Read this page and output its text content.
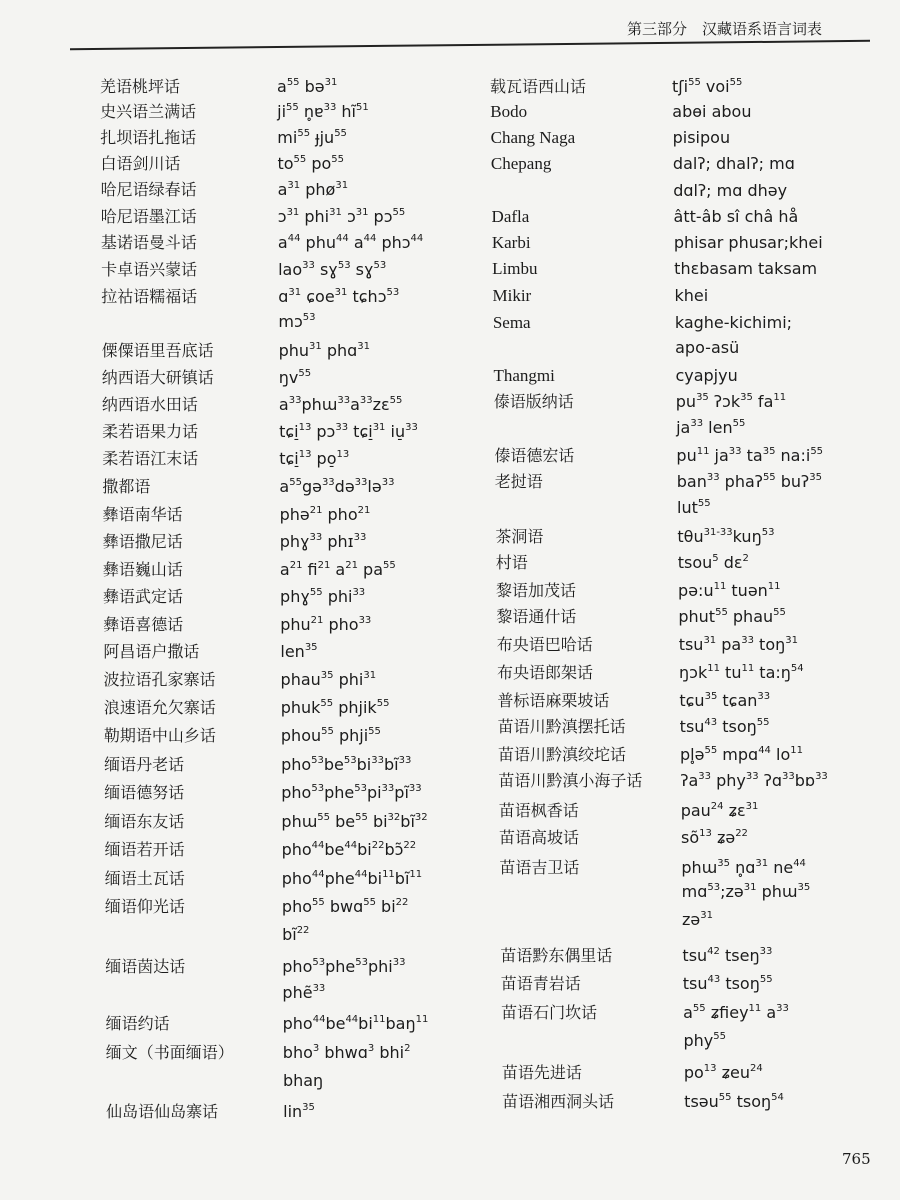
第三部分　汉藏语系语言词表
羌语桃坪话	$a^{55}$ bə$^{31}$
史兴语兰满话	$ji^{55}$ n̥ɐ$^{33}$ $hĩ^{51}$
扎坝语扎拖话	$mi^{55}$ ɟju$^{55}$
白语剑川话	$to^{55}$ $po^{55}$
哈尼语绿春话	$a^{31}$ phø$^{31}$
哈尼语墨江话	ɔ$^{31}$ phi$^{31}$ ɔ$^{31}$ pɔ$^{55}$
基诺语曼斗话	$a^{44}$ phu$^{44}$ $a^{44}$ phɔ$^{44}$
卡卓语兴蒙话	lao$^{33}$ sɣ$^{53}$ sɣ$^{53}$
拉祜语糯福话	ɑ$^{31}$ ɕoe$^{31}$ tɕhɔ$^{53}$
mɔ$^{53}$
傈僳语里吾底话	phu$^{31}$ phɑ$^{31}$
纳西语大研镇话	$ŋv^{55}$
纳西语水田话	$a^{33}phɯ^{33}a^{33}zɛ^{55}$
柔若语果力话	tɕi̠$^{13}$ pɔ$^{33}$ tɕi̠$^{31}$ iu̠$^{33}$
柔若语江末话	tɕi̠$^{13}$ po̠$^{13}$
撒都语	$a^{55}gə^{33}də^{33}lə^{33}$
彝语南华话	phə$^{21}$ pho$^{21}$
彝语撒尼话	phɣ$^{33}$ phɪ$^{33}$
彝语巍山话	$a^{21}$ $fi^{21}$ $a^{21}$ $pa^{55}$
彝语武定话	phɣ$^{55}$ phi$^{33}$
彝语喜德话	phu$^{21}$ pho$^{33}$
阿昌语户撒话	len$^{35}$
波拉语孔家寨话	phau$^{35}$ phi$^{31}$
浪速语允欠寨话	phuk$^{55}$ phjik$^{55}$
勒期语中山乡话	phou$^{55}$ phji$^{55}$
缅语丹老话	$pho^{53}be^{53}bi^{33}bĩ^{33}$
缅语德努话	$pho^{53}phe^{53}pi^{33}pĩ^{33}$
缅语东友话	phɯ$^{55}$ $be^{55}$ $bi^{32}bĩ^{32}$
缅语若开话	$pho^{44}be^{44}bi^{22}bɔ̃^{22}$
缅语土瓦话	$pho^{44}phe^{44}bi^{11}bĩ^{11}$
缅语仰光话	pho$^{55}$ bwɑ$^{55}$ $bi^{22}$
$bĩ^{22}$
缅语茵达话	pho$^{53}$phe$^{53}$phi$^{33}$
phẽ$^{33}$
缅语约话	$pho^{44}be^{44}bi^{11}baŋ^{11}$
缅文（书面缅语）	bho$^3$ bhwɑ$^3$ bhi$^2$
bhaŋ
仙岛语仙岛寨话	lin$^{35}$
载瓦语西山话	tʃi$^{55}$ voi$^{55}$
Bodo	abɵi abou
Chang Naga	pisipou
Chepang	dalʔ; dhalʔ; mɑ
dɑlʔ; mɑ dhəy
Dafla	âtt-âb sî châ hå
Karbi	phisar phusar;khei
Limbu	thɛbasam taksam
Mikir	khei
Sema	kaghe-kichimi;
apo-asü
Thangmi	cyapjyu
傣语版纳话	$pu^{35}$ ʔɔk$^{35}$ $fa^{11}$
$ja^{33}$ len$^{55}$
傣语德宏话	$pu^{11}$ $ja^{33}$ $ta^{35}$ $na:i^{55}$
老挝语	ban$^{33}$ phaʔ$^{55}$ buʔ$^{35}$
lut$^{55}$
茶洞语	tθu$^{31-33}$kuŋ$^{53}$
村语	tsou$^5$ dɛ$^2$
黎语加茂话	$pə:u^{11}$ tuən$^{11}$
黎语通什话	phut$^{55}$ phau$^{55}$
布央语巴哈话	tsu$^{31}$ $pa^{33}$ toŋ$^{31}$
布央语郎架话	ŋɔk$^{11}$ $tu^{11}$ $ta:ŋ^{54}$
普标语麻栗坡话	tɕu$^{35}$ tɕan$^{33}$
苗语川黔滇摆托话	tsu$^{43}$ tsoŋ$^{55}$
苗语川黔滇绞坨话	pl̥ə$^{55}$ mpɑ$^{44}$ $lo^{11}$
苗语川黔滇小海子话 ʔa$^{33}$ phy$^{33}$ ʔɑ$^{33}$bɒ$^{33}$
苗语枫香话	pau$^{24}$ ʑɛ$^{31}$
苗语高坡话	$sõ^{13}$ ʑə$^{22}$
苗语吉卫话	phɯ$^{35}$ n̥ɑ$^{31}$ $ne^{44}$
mɑ$^{53}$;zə$^{31}$ phɯ$^{35}$
zə$^{31}$
苗语黔东偶里话	tsu$^{42}$ tseŋ$^{33}$
苗语青岩话	tsu$^{43}$ tsoŋ$^{55}$
苗语石门坎话	$a^{55}$ ʑfiey$^{11}$ $a^{33}$
phy$^{55}$
苗语先进话	$po^{13}$ ʑeu$^{24}$
苗语湘西洞头话	tsəu$^{55}$ tsoŋ$^{54}$
765
